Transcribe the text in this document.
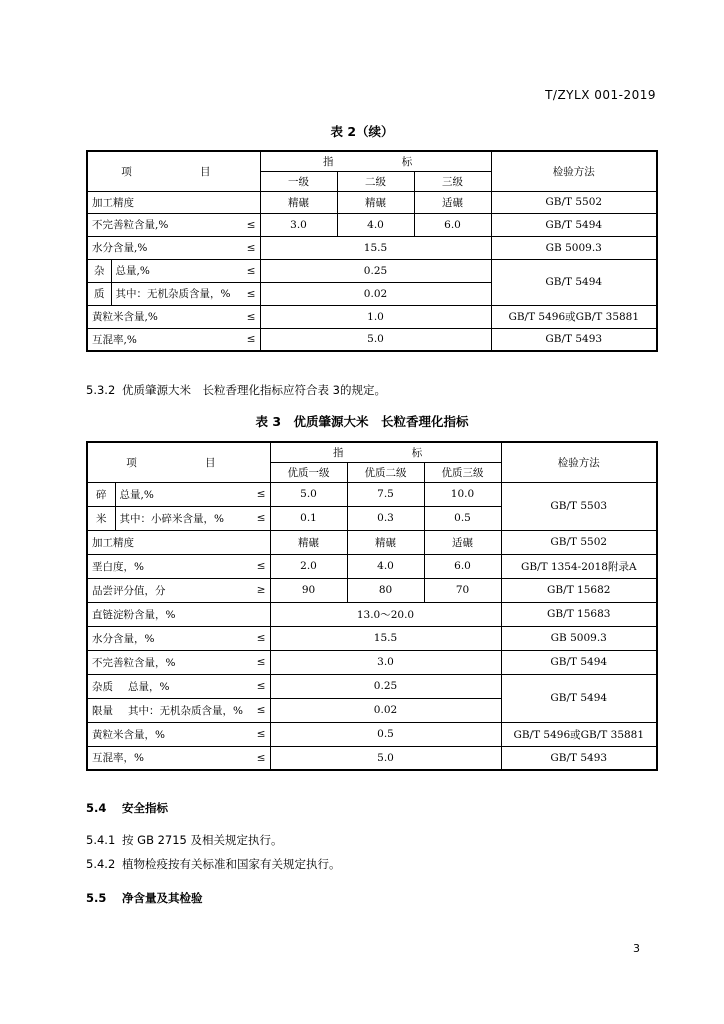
T/ZYLX 001-2019
表 2（续）
项　　目		指　　标			检验方法
		一级	二级	三级	

加工精度		精碾	精碾	适碾	GB/T 5502

不完善粒含量,% ≤		3.0	4.0	6.0	GB/T 5494

水分含量,% ≤		15.5			GB 5009.3
杂	总量,% ≤	0.25			GB/T 5494
质	其中：无机杂质含量，% ≤	0.02			

黄粒米含量,% ≤		1.0			GB/T 5496或GB/T 35881

互混率,% ≤		5.0			GB/T 5493
5.3.2 优质肇源大米　长粒香理化指标应符合表 3的规定。
表 3　优质肇源大米　长粒香理化指标
项　　目		指　　标			检验方法
		优质一级	优质二级	优质三级	
碎	总量,% ≤	5.0	7.5	10.0	GB/T 5503
米	其中：小碎米含量，% ≤	0.1	0.3	0.5	

加工精度		精碾	精碾	适碾	GB/T 5502

垩白度，% ≤		2.0	4.0	6.0	GB/T 1354-2018附录A

品尝评分值，分 ≥		90	80	70	GB/T 15682

直链淀粉含量，%		13.0～20.0			GB/T 15683

水分含量，% ≤		15.5			GB 5009.3

不完善粒含量，% ≤		3.0			GB/T 5494

杂质 总量，% ≤		0.25			GB/T 5494

限量 其中：无机杂质含量，% ≤		0.02			

黄粒米含量，% ≤		0.5			GB/T 5496或GB/T 35881

互混率，% ≤		5.0			GB/T 5493
5.4 安全指标
5.4.1 按 GB 2715 及相关规定执行。
5.4.2 植物检疫按有关标准和国家有关规定执行。
5.5 净含量及其检验
3
